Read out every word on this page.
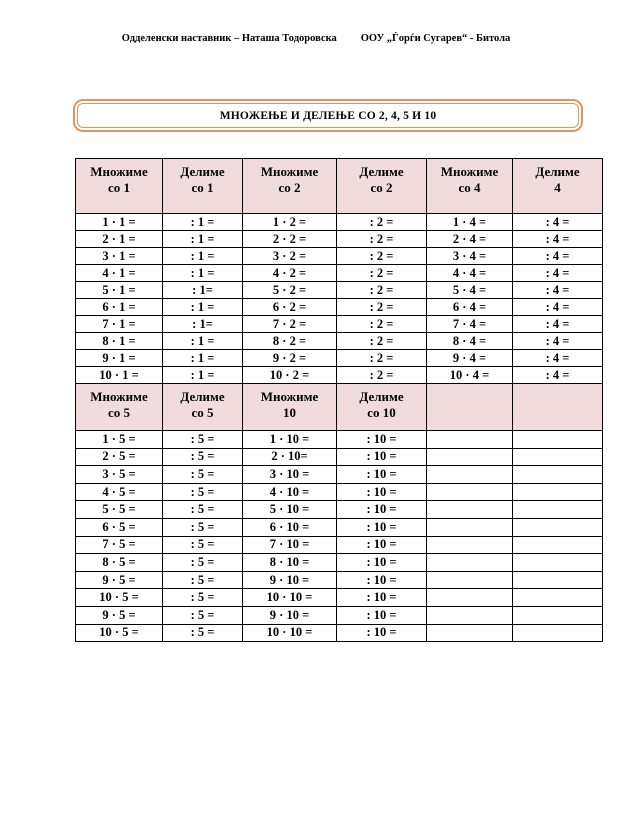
Одделенски наставник – Наташа Тодоровска ООУ „Ѓорѓи Сугарев“ - Битола
МНОЖЕЊЕ И ДЕЛЕЊЕ СО 2, 4, 5 И 10
Множиме
со 1

Делиме
со 1

Множиме
со 2

Делиме
со 2

Множиме
со 4

Делиме
4

1 · 1 =	: 1 =	1 · 2 =	: 2 =	1 · 4 =	: 4 =
2 · 1 =	: 1 =	2 · 2 =	: 2 =	2 · 4 =	: 4 =
3 · 1 =	: 1 =	3 · 2 =	: 2 =	3 · 4 =	: 4 =
4 · 1 =	: 1 =	4 · 2 =	: 2 =	4 · 4 =	: 4 =
5 · 1 =	: 1=	5 · 2 =	: 2 =	5 · 4 =	: 4 =
6 · 1 =	: 1 =	6 · 2 =	: 2 =	6 · 4 =	: 4 =
7 · 1 =	: 1=	7 · 2 =	: 2 =	7 · 4 =	: 4 =
8 · 1 =	: 1 =	8 · 2 =	: 2 =	8 · 4 =	: 4 =
9 · 1 =	: 1 =	9 · 2 =	: 2 =	9 · 4 =	: 4 =
10 · 1 =	: 1 =	10 · 2 =	: 2 =	10 · 4 =	: 4 =

Множиме
со 5

Делиме
со 5

Множиме
10

Делиме
со 10

1 · 5 =	: 5 =	1 · 10 =	: 10 =		
2 · 5 =	: 5 =	2 · 10=	: 10 =		
3 · 5 =	: 5 =	3 · 10 =	: 10 =		
4 · 5 =	: 5 =	4 · 10 =	: 10 =		
5 · 5 =	: 5 =	5 · 10 =	: 10 =		
6 · 5 =	: 5 =	6 · 10 =	: 10 =		
7 · 5 =	: 5 =	7 · 10 =	: 10 =		
8 · 5 =	: 5 =	8 · 10 =	: 10 =		
9 · 5 =	: 5 =	9 · 10 =	: 10 =		
10 · 5 =	: 5 =	10 · 10 =	: 10 =		
9 · 5 =	: 5 =	9 · 10 =	: 10 =		
10 · 5 =	: 5 =	10 · 10 =	: 10 =		
